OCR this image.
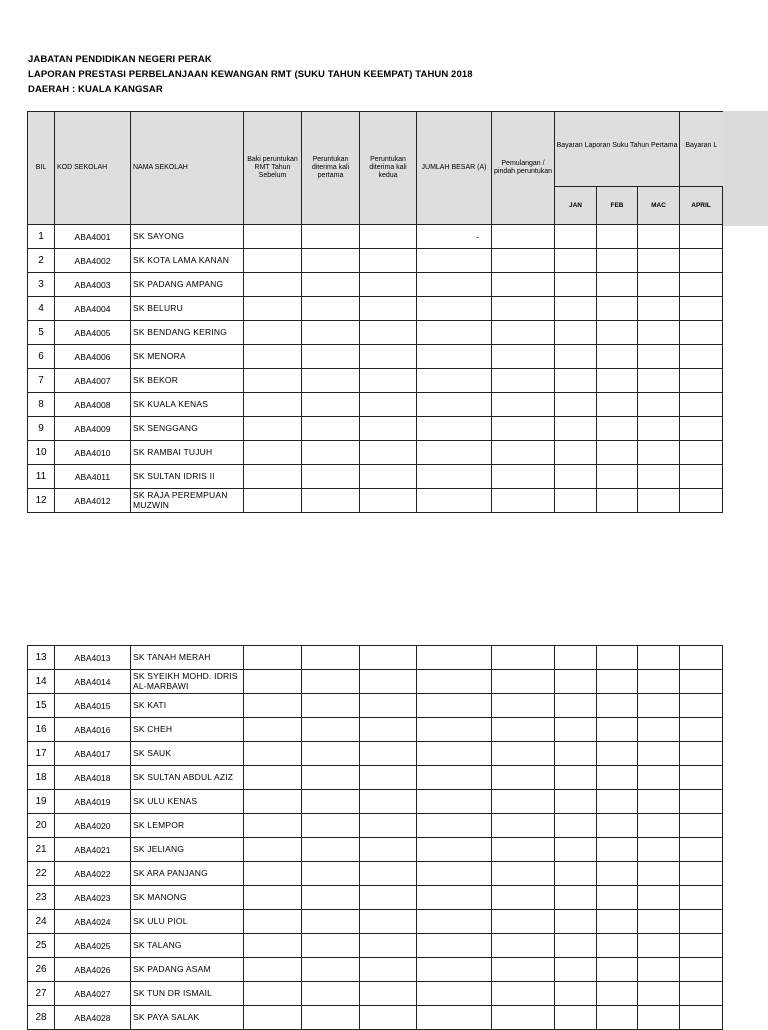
JABATAN PENDIDIKAN NEGERI PERAK
LAPORAN PRESTASI PERBELANJAAN KEWANGAN RMT (SUKU TAHUN KEEMPAT) TAHUN 2018
DAERAH : KUALA KANGSAR
BIL	KOD SEKOLAH	NAMA SEKOLAH	Baki peruntukan RMT Tahun Sebelum	Peruntukan diterima kali pertama	Peruntukan diterima kali kedua	JUMLAH BESAR (A)	Pemulangan / pindah peruntukan	Bayaran Laporan Suku Tahun Pertama			Bayaran L
								JAN	FEB	MAC	APRIL
1	ABA4001	SK SAYONG				-					
2	ABA4002	SK KOTA LAMA KANAN									
3	ABA4003	SK PADANG AMPANG									
4	ABA4004	SK BELURU									
5	ABA4005	SK BENDANG KERING									
6	ABA4006	SK MENORA									
7	ABA4007	SK BEKOR									
8	ABA4008	SK KUALA KENAS									
9	ABA4009	SK SENGGANG									
10	ABA4010	SK RAMBAI TUJUH									
11	ABA4011	SK SULTAN IDRIS II									
12	ABA4012	SK RAJA PEREMPUAN MUZWIN									
13	ABA4013	SK TANAH MERAH									
14	ABA4014	SK SYEIKH MOHD. IDRIS AL-MARBAWI									
15	ABA4015	SK KATI									
16	ABA4016	SK CHEH									
17	ABA4017	SK SAUK									
18	ABA4018	SK SULTAN ABDUL AZIZ									
19	ABA4019	SK ULU KENAS									
20	ABA4020	SK LEMPOR									
21	ABA4021	SK JELIANG									
22	ABA4022	SK ARA PANJANG									
23	ABA4023	SK MANONG									
24	ABA4024	SK ULU PIOL									
25	ABA4025	SK TALANG									
26	ABA4026	SK PADANG ASAM									
27	ABA4027	SK TUN DR ISMAIL									
28	ABA4028	SK PAYA SALAK									
